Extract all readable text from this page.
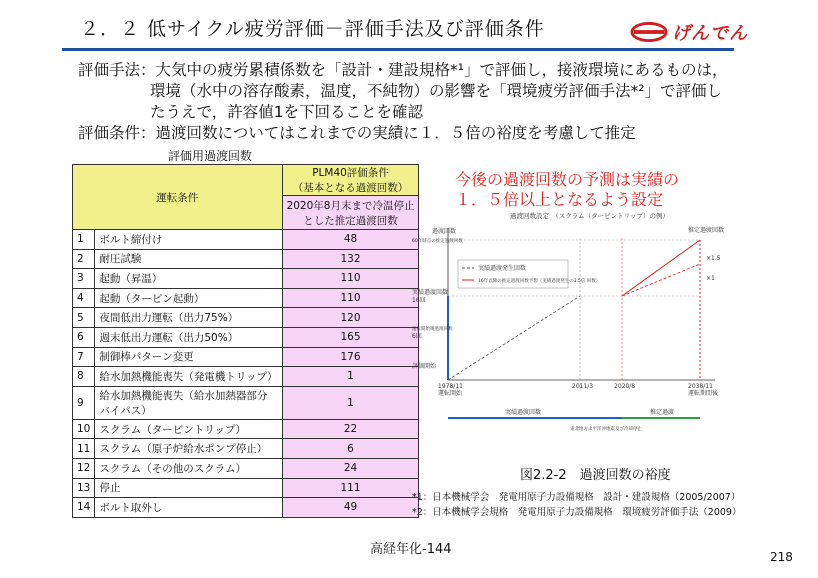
２．２ 低サイクル疲労評価－評価手法及び評価条件	げんでん
評価手法：大気中の疲労累積係数を「設計・建設規格*¹」で評価し，接液環境にあるものは，
環境（水中の溶存酸素，温度，不純物）の影響を「環境疲労評価手法*²」で評価し
たうえで，許容値1を下回ることを確認
評価条件：過渡回数についてはこれまでの実績に１．５倍の裕度を考慮して推定
評価用過渡回数
運転条件		PLM40評価条件
（基本となる過渡回数）

		2020年8月末まで冷温停止
とした推定過渡回数

1	ボルト締付け	48
2	耐圧試験	132
3	起動（昇温）	110
4	起動（タービン起動）	110
5	夜間低出力運転（出力75%）	120
6	週末低出力運転（出力50%）	165
7	制御棒パターン変更	176
8	給水加熱機能喪失（発電機トリップ）	1
9	給水加熱機能喪失（給水加熱器部分
バイパス）	1
10	スクラム（タービントリップ）	22
11	スクラム（原子炉給水ポンプ停止）	6
12	スクラム（その他のスクラム）	24
13	停止	111
14	ボルト取外し	49
今後の過渡回数の予測は実績の
１．５倍以上となるよう設定
過渡回数設定　（スクラム（タービントリップ）の例）
過渡回数
実績過渡発生回数
16年以降の推定過渡回数予想（実績過渡発生の1.5倍 回数）
60年時点の推定過渡回数
実績過渡回数
16回
運転開始後過渡回数
6回
評価開始
推定過渡回数
×1.5
×1
1978/11
運転開始
2011/3	2020/8	2038/11
運転期間後
実績過渡回数	推定過渡
東北地方太平洋沖地震及び冷却停止
図2.2-2　過渡回数の裕度
*1：日本機械学会　発電用原子力設備規格　設計・建設規格（2005/2007）
*2：日本機械学会規格　発電用原子力設備規格　環境疲労評価手法（2009）
高経年化-144	218
